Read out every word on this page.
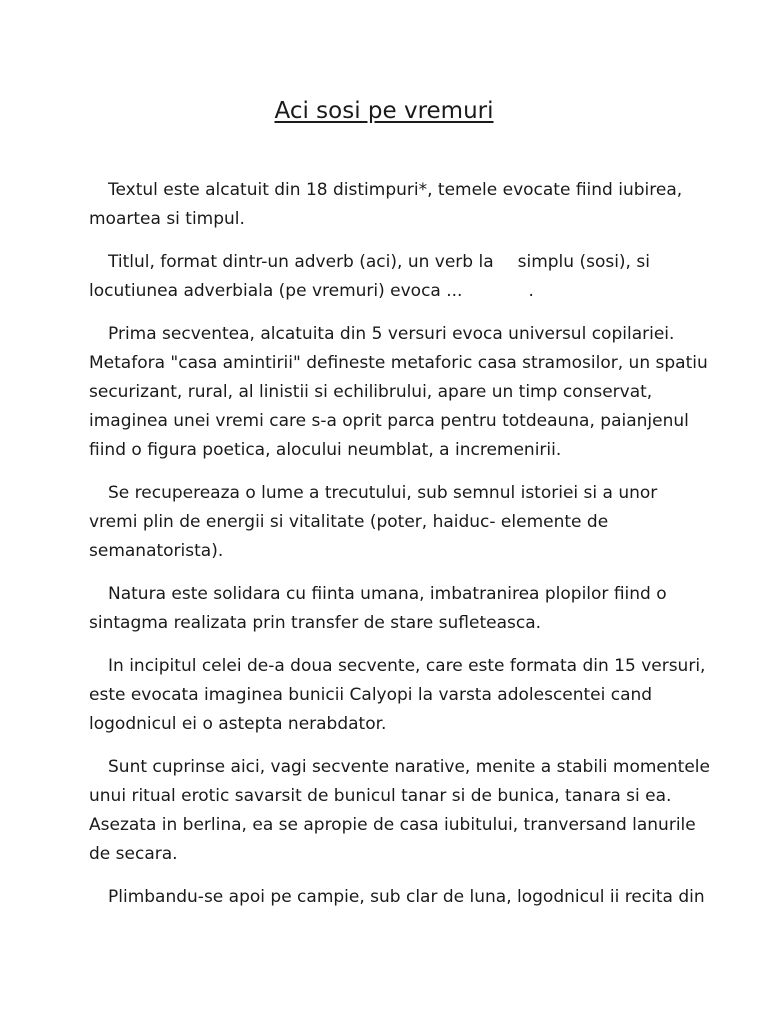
Aci sosi pe vremuri

Textul este alcatuit din 18 distimpuri*, temele evocate fiind iubirea,
moartea si timpul.

Titlul, format dintr-un adverb (aci), un verb la simplu (sosi), si
locutiunea adverbiala (pe vremuri) evoca ...	.

Prima secventea, alcatuita din 5 versuri evoca universul copilariei.
Metafora "casa amintirii" defineste metaforic casa stramosilor, un spatiu
securizant, rural, al linistii si echilibrului, apare un timp conservat,
imaginea unei vremi care s-a oprit parca pentru totdeauna, paianjenul
fiind o figura poetica, alocului neumblat, a incremenirii.

Se recupereaza o lume a trecutului, sub semnul istoriei si a unor
vremi plin de energii si vitalitate (poter, haiduc- elemente de
semanatorista).

Natura este solidara cu fiinta umana, imbatranirea plopilor fiind o
sintagma realizata prin transfer de stare sufleteasca.

In incipitul celei de-a doua secvente, care este formata din 15 versuri,
este evocata imaginea bunicii Calyopi la varsta adolescentei cand
logodnicul ei o astepta nerabdator.

Sunt cuprinse aici, vagi secvente narative, menite a stabili momentele
unui ritual erotic savarsit de bunicul tanar si de bunica, tanara si ea.
Asezata in berlina, ea se apropie de casa iubitului, tranversand lanurile
de secara.

Plimbandu-se apoi pe campie, sub clar de luna, logodnicul ii recita din
